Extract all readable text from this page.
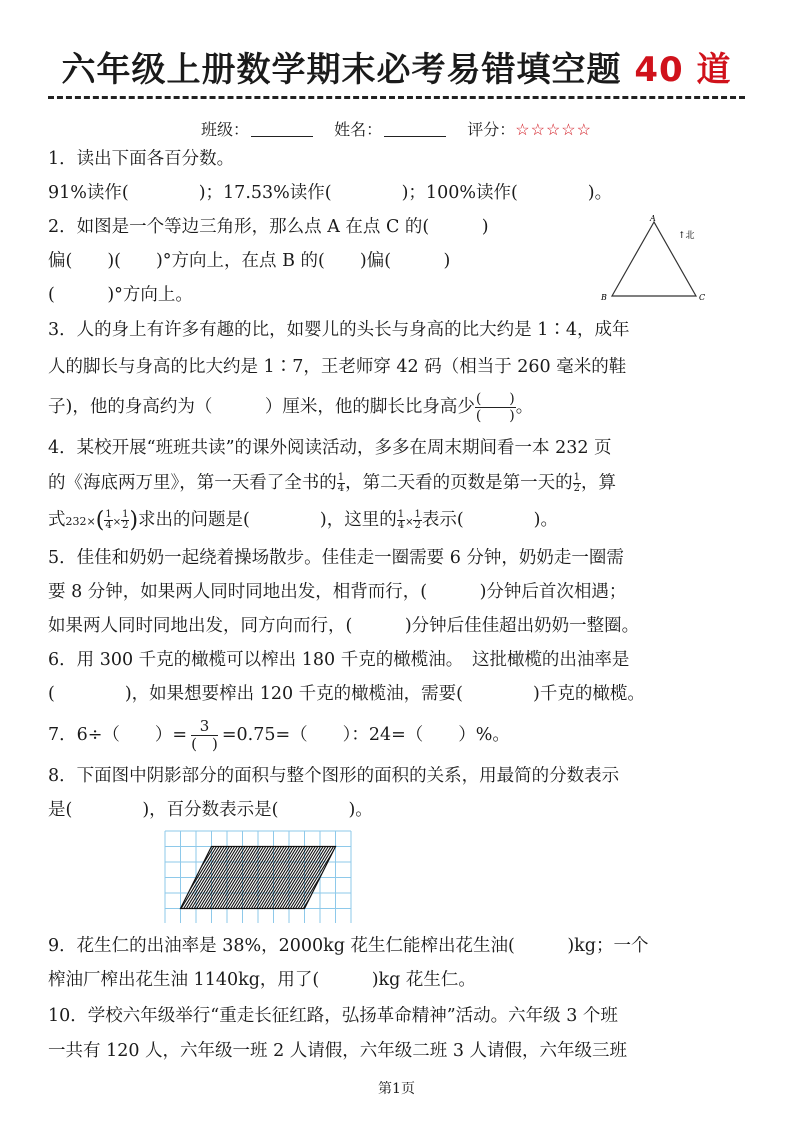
六年级上册数学期末必考易错填空题 40 道
班级：	姓名：	评分：☆☆☆☆☆
1．读出下面各百分数。
91%读作(　　　　)；17.53%读作(　　　　)；100%读作(　　　　)。
2．如图是一个等边三角形，那么点 A 在点 C 的(　　　)
偏(　　)(　　)°方向上，在点 B 的(　　)偏(　　　)
(　　　)°方向上。
A
B	C
↑北
3．人的身上有许多有趣的比，如婴儿的头长与身高的比大约是 1∶4，成年
人的脚长与身高的比大约是 1∶7，王老师穿 42 码（相当于 260 毫米的鞋
子)，他的身高约为（　　　）厘米，他的脚长比身高少 $\frac{( )}{( )}$ 。
4．某校开展“班班共读”的课外阅读活动，多多在周末期间看一本 232 页
的《海底两万里》，第一天看了全书的 $\frac{1}{4}$ ，第二天看的页数是第一天的 $\frac{1}{2}$ ，算
式$232\times( \frac{1}{4} \times \frac{1}{2}$ )求出的问题是(　　　　)，这里的 $\frac{1}{4} \times \frac{1}{2}$ 表示(　　　　)。
5．佳佳和奶奶一起绕着操场散步。佳佳走一圈需要 6 分钟，奶奶走一圈需
要 8 分钟，如果两人同时同地出发，相背而行，(　　　)分钟后首次相遇；
如果两人同时同地出发，同方向而行，(　　　)分钟后佳佳超出奶奶一整圈。
6．用 300 千克的橄榄可以榨出 180 千克的橄榄油。　这批橄榄的出油率是
(　　　　)，如果想要榨出 120 千克的橄榄油，需要(　　　　)千克的橄榄。
7．6÷（　　）= $\frac{3}{( )} =0.75=$（　　）：24=（　　）%。
8．下面图中阴影部分的面积与整个图形的面积的关系，用最简的分数表示
是(　　　　)，百分数表示是(　　　　)。
9．花生仁的出油率是 38%，2000kg 花生仁能榨出花生油(　　　)kg；一个
榨油厂榨出花生油 1140kg，用了(　　　)kg 花生仁。
10．学校六年级举行“重走长征红路，弘扬革命精神”活动。六年级 3 个班
一共有 120 人，六年级一班 2 人请假，六年级二班 3 人请假，六年级三班
第1页
